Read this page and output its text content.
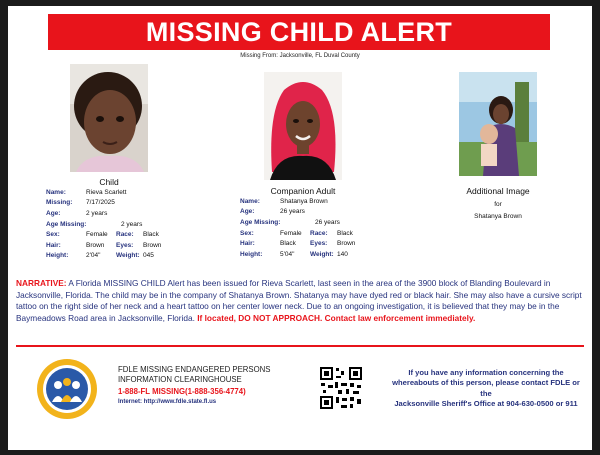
MISSING CHILD ALERT
Missing From: Jacksonville, FL Duval County
Child
Name:	Rieva Scarlett
Missing:	7/17/2025
Age:	2 years
Age Missing:	2 years
Sex:	Female	Race:	Black
Hair:	Brown	Eyes:	Brown
Height:	2'04"	Weight: 045
Companion Adult
Name:	Shatanya Brown
Age:	26 years
Age Missing:	26 years
Sex:	Female	Race:	Black
Hair:	Black	Eyes:	Brown
Height:	5'04"	Weight: 140
Additional Image
for
Shatanya Brown
NARRATIVE: A Florida MISSING CHILD Alert has been issued for Rieva Scarlett, last seen in the area of the 3900 block of Blanding Boulevard in Jacksonville, Florida. The child may be in the company of Shatanya Brown. Shatanya may have dyed red or black hair. She may also have a cursive script tattoo on the right side of her neck and a heart tattoo on her center lower neck. Due to an ongoing investigation, it is believed that they may be in the Baymeadows Road area in Jacksonville, Florida. If located, DO NOT APPROACH. Contact law enforcement immediately.
FDLE MISSING ENDANGERED PERSONS
INFORMATION CLEARINGHOUSE
1-888-FL MISSING(1-888-356-4774)
Internet: http://www.fdle.state.fl.us
If you have any information concerning the
whereabouts of this person, please contact FDLE or the
Jacksonville Sheriff's Office at 904-630-0500 or 911
